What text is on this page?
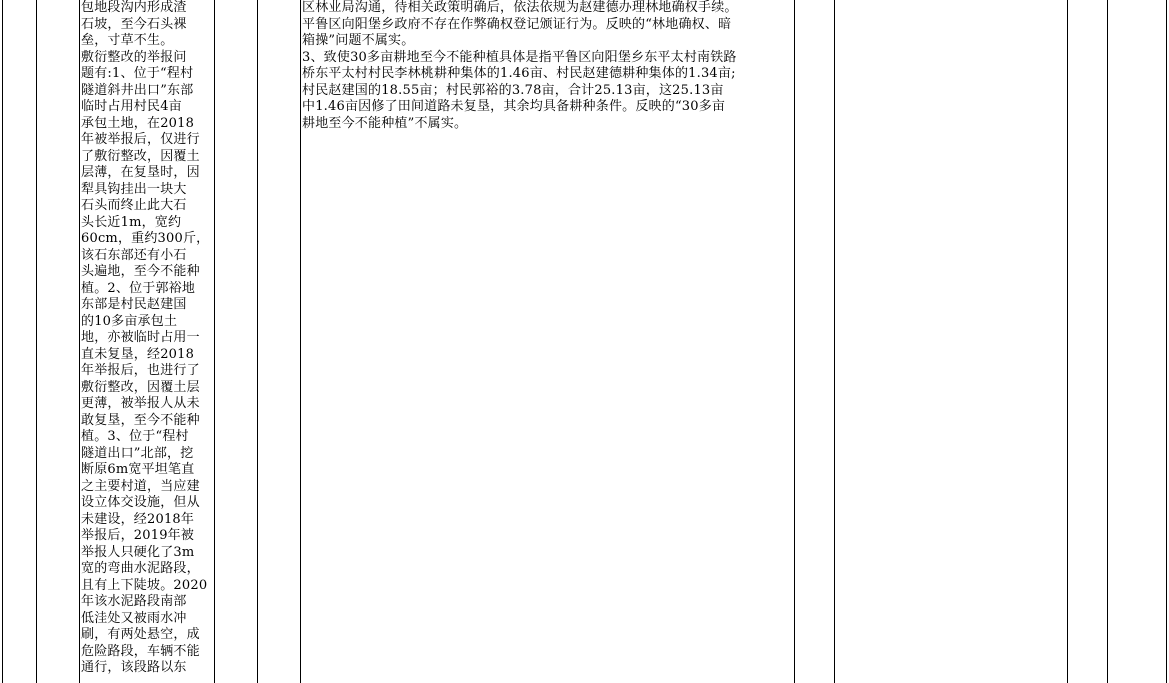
包地段沟内形成渣
石坡，至今石头裸
垒，寸草不生。
敷衍整改的举报问
题有:1、位于“程村
隧道斜井出口”东部
临时占用村民4亩
承包土地，在2018
年被举报后，仅进行
了敷衍整改，因覆土
层薄，在复垦时，因
犁具钩挂出一块大
石头而终止此大石
头长近1m，宽约
60cm，重约300斤，
该石东部还有小石
头遍地，至今不能种
植。2、位于郭裕地
东部是村民赵建国
的10多亩承包土
地，亦被临时占用一
直未复垦，经2018
年举报后，也进行了
敷衍整改，因覆土层
更薄，被举报人从未
敢复垦，至今不能种
植。3、位于“程村
隧道出口”北部，挖
断原6m宽平坦笔直
之主要村道，当应建
设立体交设施，但从
未建设，经2018年
举报后，2019年被
举报人只硬化了3m
宽的弯曲水泥路段，
且有上下陡坡。2020
年该水泥路段南部
低洼处又被雨水冲
刷，有两处悬空，成
危险路段，车辆不能
通行，该段路以东

区林业局沟通，待相关政策明确后，依法依规为赵建德办理林地确权手续。
平鲁区向阳堡乡政府不存在作弊确权登记颁证行为。反映的“林地确权、暗
箱操”问题不属实。
3、致使30多亩耕地至今不能种植具体是指平鲁区向阳堡乡东平太村南铁路
桥东平太村村民李林桃耕种集体的1.46亩、村民赵建德耕种集体的1.34亩;
村民赵建国的18.55亩；村民郭裕的3.78亩，合计25.13亩，这25.13亩
中1.46亩因修了田间道路未复垦，其余均具备耕种条件。反映的“30多亩
耕地至今不能种植”不属实。
